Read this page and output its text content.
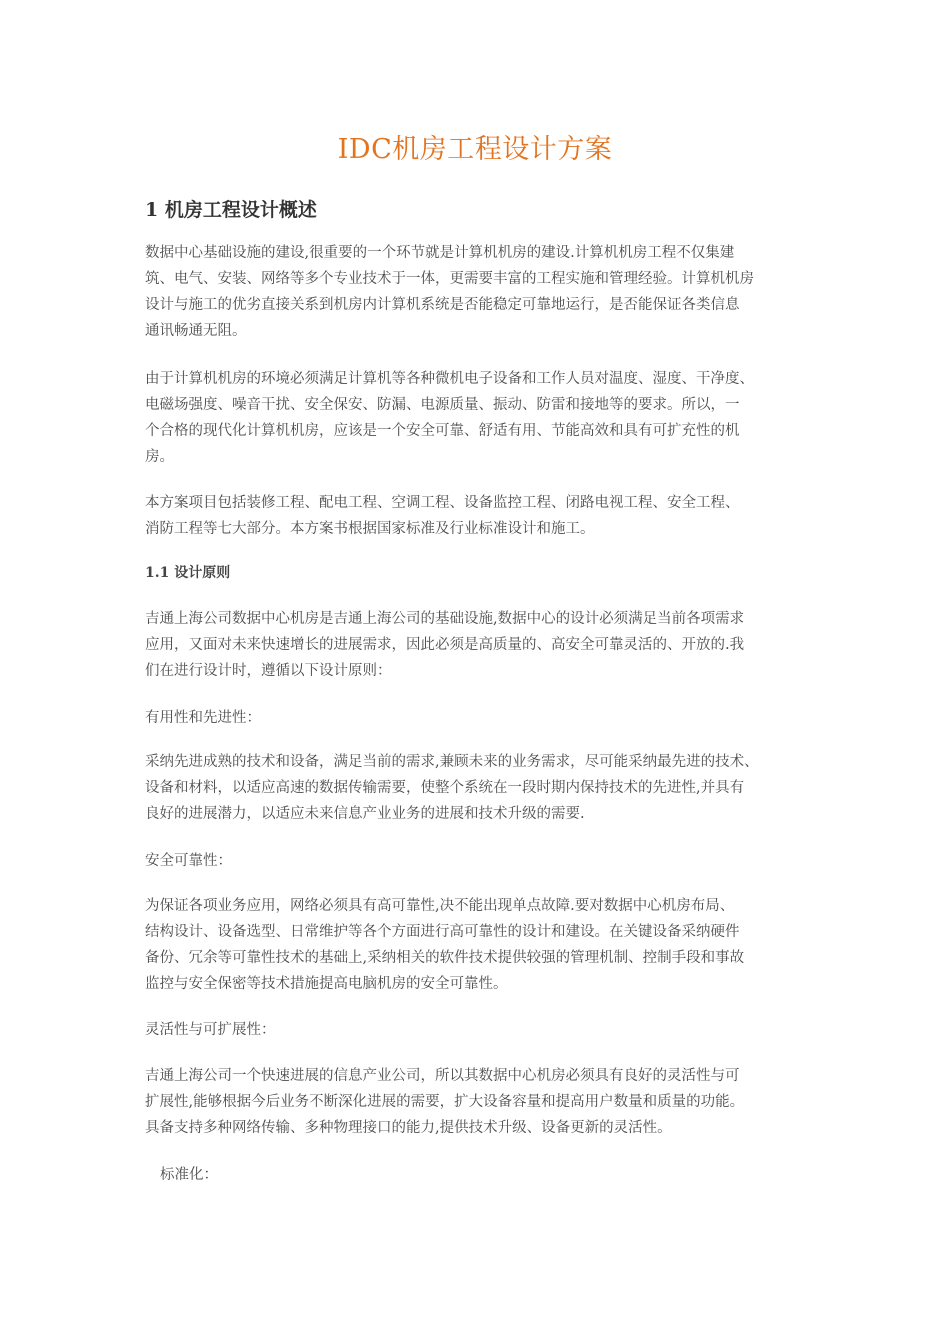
IDC机房工程设计方案
1 机房工程设计概述

数据中心基础设施的建设,很重要的一个环节就是计算机机房的建设.计算机机房工程不仅集建
筑、电气、安装、网络等多个专业技术于一体，更需要丰富的工程实施和管理经验。计算机机房
设计与施工的优劣直接关系到机房内计算机系统是否能稳定可靠地运行，是否能保证各类信息
通讯畅通无阻。

由于计算机机房的环境必须满足计算机等各种微机电子设备和工作人员对温度、湿度、干净度、
电磁场强度、噪音干扰、安全保安、防漏、电源质量、振动、防雷和接地等的要求。所以，一
个合格的现代化计算机机房，应该是一个安全可靠、舒适有用、节能高效和具有可扩充性的机
房。

本方案项目包括装修工程、配电工程、空调工程、设备监控工程、闭路电视工程、安全工程、
消防工程等七大部分。本方案书根据国家标准及行业标准设计和施工。

1.1 设计原则

吉通上海公司数据中心机房是吉通上海公司的基础设施,数据中心的设计必须满足当前各项需求
应用，又面对未来快速增长的进展需求，因此必须是高质量的、高安全可靠灵活的、开放的.我
们在进行设计时，遵循以下设计原则：

有用性和先进性：

采纳先进成熟的技术和设备，满足当前的需求,兼顾未来的业务需求，尽可能采纳最先进的技术、
设备和材料，以适应高速的数据传输需要，使整个系统在一段时期内保持技术的先进性,并具有
良好的进展潜力，以适应未来信息产业业务的进展和技术升级的需要.

安全可靠性：

为保证各项业务应用，网络必须具有高可靠性,决不能出现单点故障.要对数据中心机房布局、
结构设计、设备选型、日常维护等各个方面进行高可靠性的设计和建设。在关键设备采纳硬件
备份、冗余等可靠性技术的基础上,采纳相关的软件技术提供较强的管理机制、控制手段和事故
监控与安全保密等技术措施提高电脑机房的安全可靠性。

灵活性与可扩展性：

吉通上海公司一个快速进展的信息产业公司，所以其数据中心机房必须具有良好的灵活性与可
扩展性,能够根据今后业务不断深化进展的需要，扩大设备容量和提高用户数量和质量的功能。
具备支持多种网络传输、多种物理接口的能力,提供技术升级、设备更新的灵活性。

标准化：
